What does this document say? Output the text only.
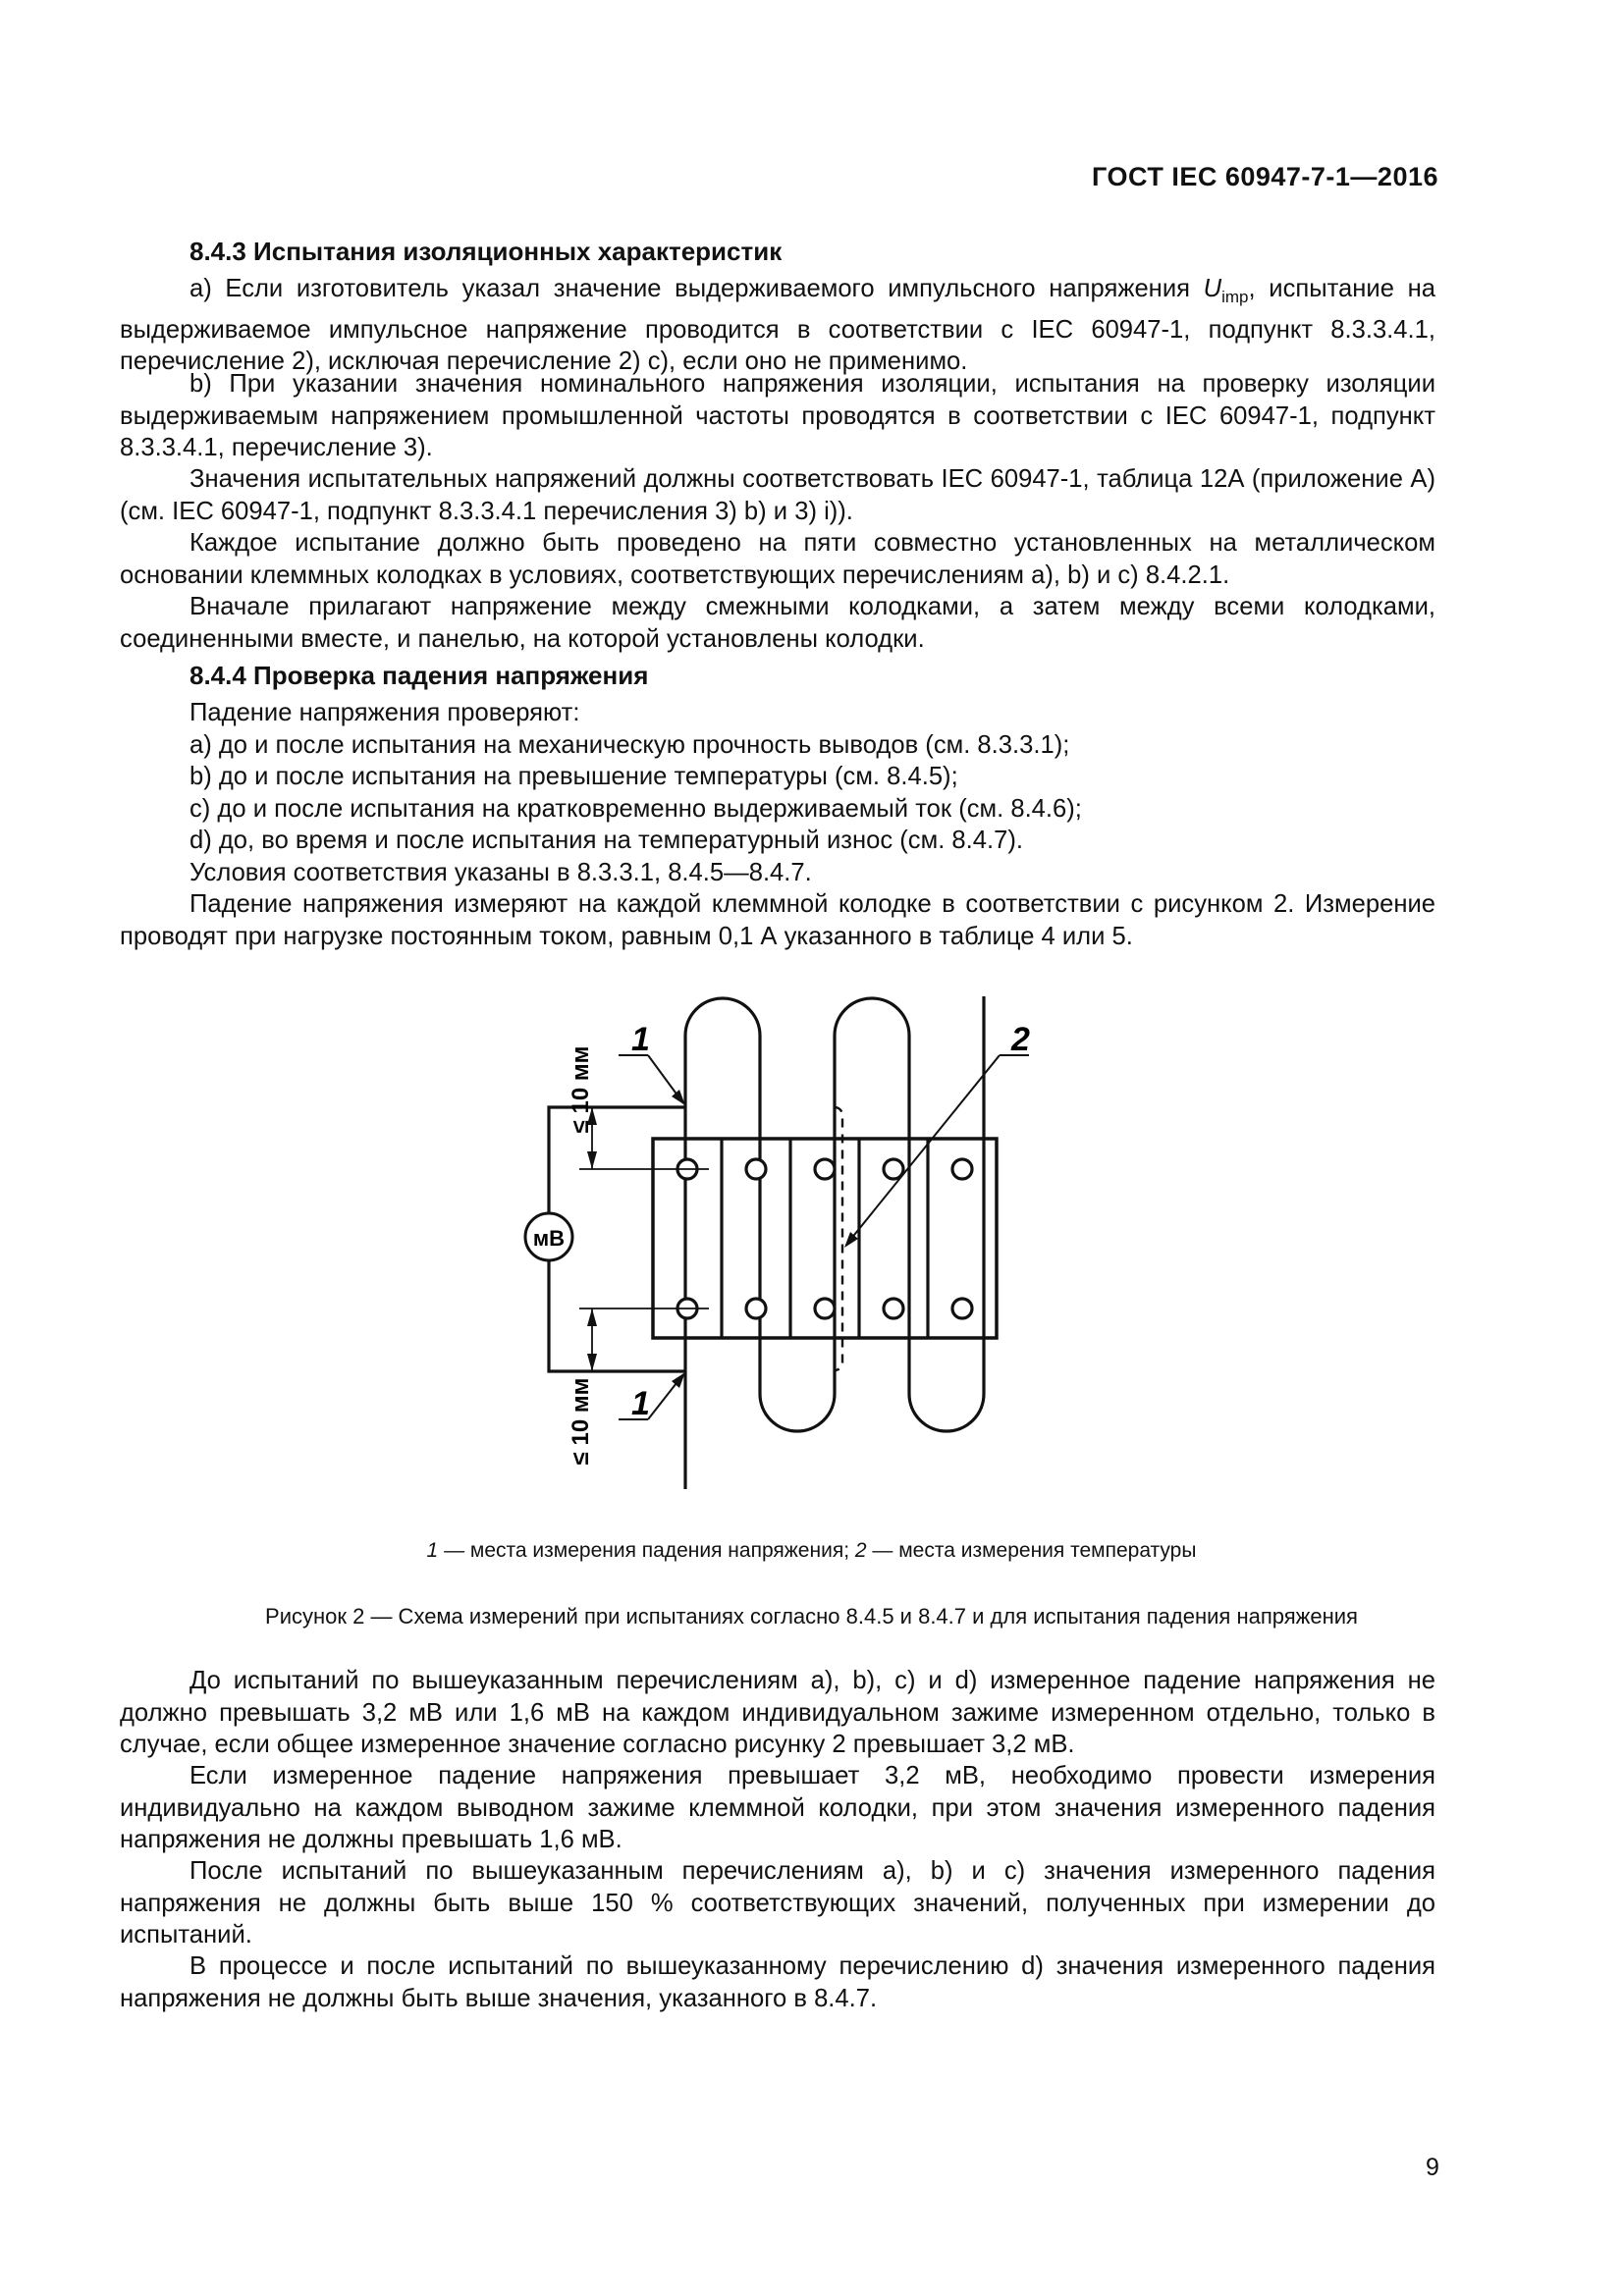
ГОСТ IEC 60947-7-1—2016
8.4.3 Испытания изоляционных характеристик

а) Если изготовитель указал значение выдерживаемого импульсного напряжения $U_{imp}$, испытание на выдерживаемое импульсное напряжение проводится в соответствии с IEC 60947-1, подпункт 8.3.3.4.1, перечисление 2), исключая перечисление 2) с), если оно не применимо.

b) При указании значения номинального напряжения изоляции, испытания на проверку изоляции выдерживаемым напряжением промышленной частоты проводятся в соответствии с IEC 60947-1, подпункт 8.3.3.4.1, перечисление 3).

Значения испытательных напряжений должны соответствовать IEC 60947-1, таблица 12А (приложение А) (см. IEC 60947-1, подпункт 8.3.3.4.1 перечисления 3) b) и 3) i)).

Каждое испытание должно быть проведено на пяти совместно установленных на металлическом основании клеммных колодках в условиях, соответствующих перечислениям а), b) и с) 8.4.2.1.

Вначале прилагают напряжение между смежными колодками, а затем между всеми колодками, соединенными вместе, и панелью, на которой установлены колодки.

8.4.4 Проверка падения напряжения
Падение напряжения проверяют:
а) до и после испытания на механическую прочность выводов (см. 8.3.3.1);
b) до и после испытания на превышение температуры (см. 8.4.5);
c) до и после испытания на кратковременно выдерживаемый ток (см. 8.4.6);
d) до, во время и после испытания на температурный износ (см. 8.4.7).
Условия соответствия указаны в 8.3.3.1, 8.4.5—8.4.7.

Падение напряжения измеряют на каждой клеммной колодке в соответствии с рисунком 2. Измерение проводят при нагрузке постоянным током, равным 0,1 А указанного в таблице 4 или 5.

1
1
2
мВ
≤ 10 мм
≤ 10 мм
1 — места измерения падения напряжения; 2 — места измерения температуры
Рисунок 2 — Схема измерений при испытаниях согласно 8.4.5 и 8.4.7 и для испытания падения напряжения

До испытаний по вышеуказанным перечислениям а), b), с) и d) измеренное падение напряжения не должно превышать 3,2 мВ или 1,6 мВ на каждом индивидуальном зажиме измеренном отдельно, только в случае, если общее измеренное значение согласно рисунку 2 превышает 3,2 мВ.

Если измеренное падение напряжения превышает 3,2 мВ, необходимо провести измерения индивидуально на каждом выводном зажиме клеммной колодки, при этом значения измеренного падения напряжения не должны превышать 1,6 мВ.

После испытаний по вышеуказанным перечислениям а), b) и с) значения измеренного падения напряжения не должны быть выше 150 % соответствующих значений, полученных при измерении до испытаний.

В процессе и после испытаний по вышеуказанному перечислению d) значения измеренного падения напряжения не должны быть выше значения, указанного в 8.4.7.

9
